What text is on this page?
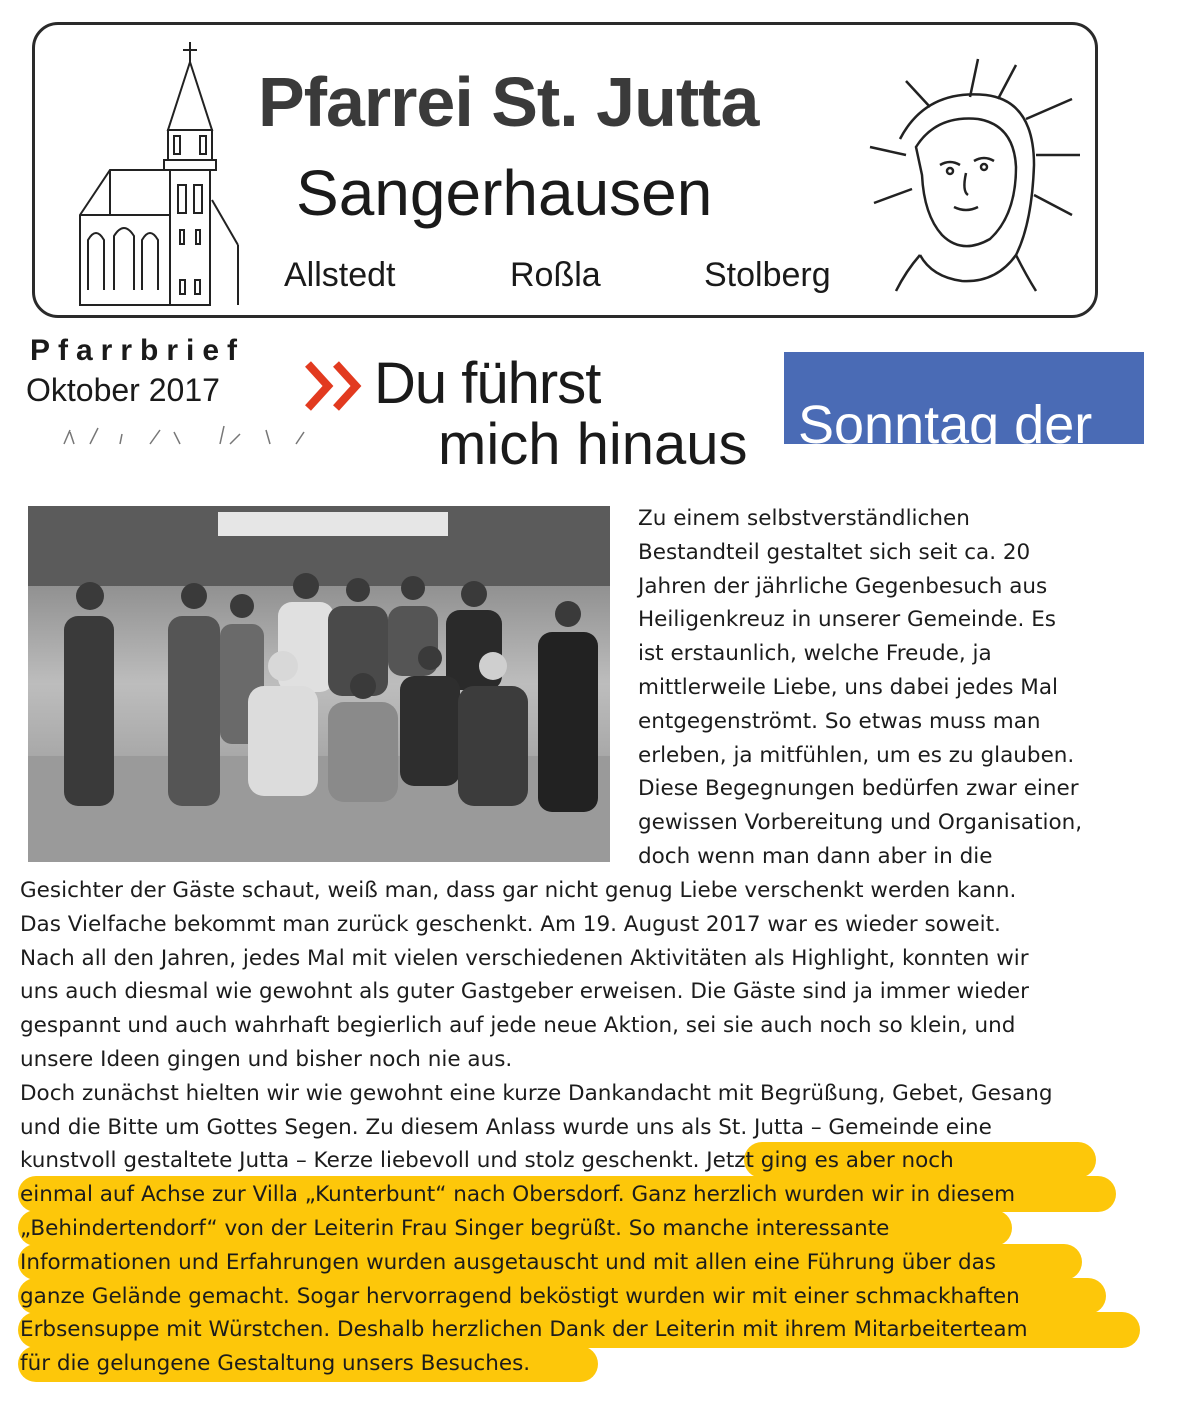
Pfarrei St. Jutta
Sangerhausen
Allstedt	Roßla	Stolberg
Pfarrbrief
Oktober 2017	Du führst
mich hinaus Sonntag der
Zu einem selbstverständlichen
Bestandteil gestaltet sich seit ca. 20
Jahren der jährliche Gegenbesuch aus
Heiligenkreuz in unserer Gemeinde. Es
ist erstaunlich, welche Freude, ja
mittlerweile Liebe, uns dabei jedes Mal
entgegenströmt. So etwas muss man
erleben, ja mitfühlen, um es zu glauben.
Diese Begegnungen bedürfen zwar einer
gewissen Vorbereitung und Organisation,
doch wenn man dann aber in die
Gesichter der Gäste schaut, weiß man, dass gar nicht genug Liebe verschenkt werden kann.
Das Vielfache bekommt man zurück geschenkt. Am 19. August 2017 war es wieder soweit.
Nach all den Jahren, jedes Mal mit vielen verschiedenen Aktivitäten als Highlight, konnten wir
uns auch diesmal wie gewohnt als guter Gastgeber erweisen. Die Gäste sind ja immer wieder
gespannt und auch wahrhaft begierlich auf jede neue Aktion, sei sie auch noch so klein, und
unsere Ideen gingen und bisher noch nie aus.
Doch zunächst hielten wir wie gewohnt eine kurze Dankandacht mit Begrüßung, Gebet, Gesang
und die Bitte um Gottes Segen. Zu diesem Anlass wurde uns als St. Jutta – Gemeinde eine
kunstvoll gestaltete Jutta – Kerze liebevoll und stolz geschenkt. Jetzt ging es aber noch
einmal auf Achse zur Villa „Kunterbunt“ nach Obersdorf. Ganz herzlich wurden wir in diesem
„Behindertendorf“ von der Leiterin Frau Singer begrüßt. So manche interessante
Informationen und Erfahrungen wurden ausgetauscht und mit allen eine Führung über das
ganze Gelände gemacht. Sogar hervorragend beköstigt wurden wir mit einer schmackhaften
Erbsensuppe mit Würstchen. Deshalb herzlichen Dank der Leiterin mit ihrem Mitarbeiterteam
für die gelungene Gestaltung unsers Besuches.
